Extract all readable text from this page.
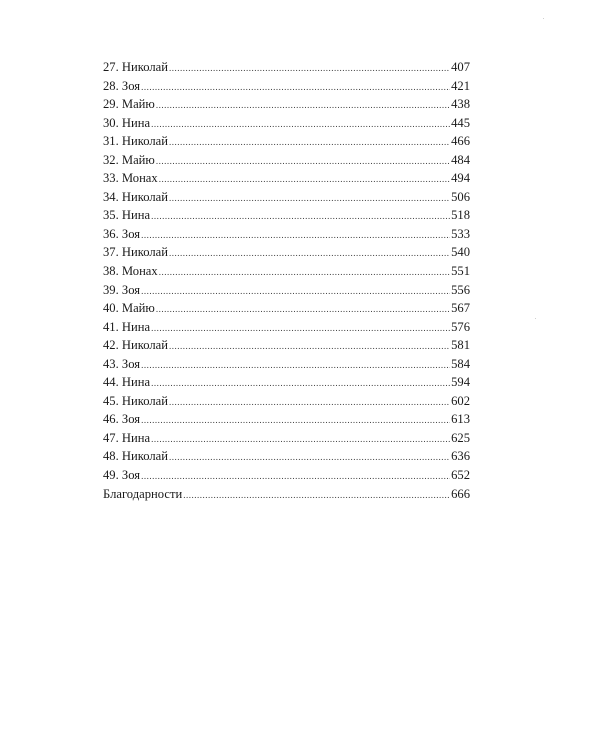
27. Николай .....	407
28. Зоя .....	421
29. Майю .....	438
30. Нина .....	445
31. Николай .....	466
32. Майю .....	484
33. Монах .....	494
34. Николай .....	506
35. Нина .....	518
36. Зоя .....	533
37. Николай .....	540
38. Монах .....	551
39. Зоя .....	556
40. Майю .....	567
41. Нина .....	576
42. Николай .....	581
43. Зоя .....	584
44. Нина .....	594
45. Николай .....	602
46. Зоя .....	613
47. Нина .....	625
48. Николай .....	636
49. Зоя .....	652
Благодарности .....	666
